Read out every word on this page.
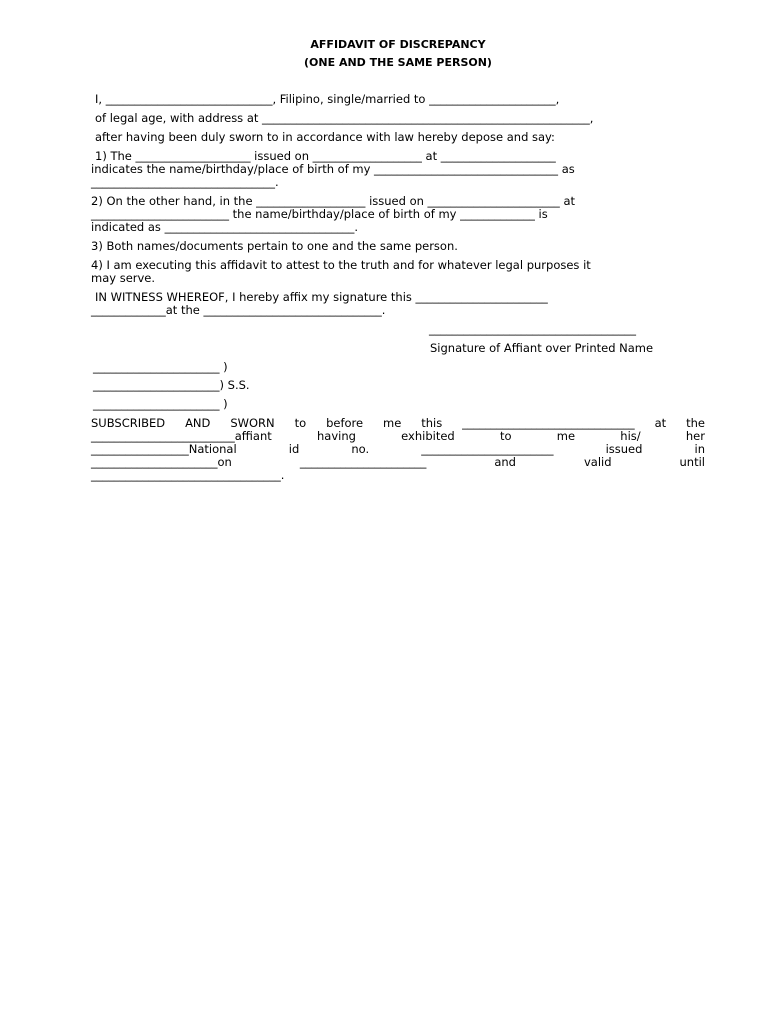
AFFIDAVIT OF DISCREPANCY
(ONE AND THE SAME PERSON)
I, _____________________________, Filipino, single/married to ______________________,
of legal age, with address at _________________________________________________________,
after having been duly sworn to in accordance with law hereby depose and say:
1) The ____________________ issued on ___________________ at ____________________
indicates the name/birthday/place of birth of my ________________________________ as
________________________________.
2) On the other hand, in the ___________________ issued on _______________________ at
________________________ the name/birthday/place of birth of my _____________ is
indicated as _________________________________.
3) Both names/documents pertain to one and the same person.
4) I am executing this affidavit to attest to the truth and for whatever legal purposes it
may serve.
IN WITNESS WHEREOF, I hereby affix my signature this _______________________
_____________at the _______________________________.
____________________________________
Signature of Affiant over Printed Name
______________________ )
______________________) S.S.
______________________ )
SUBSCRIBED AND SWORN to before me this ______________________________ at the
_________________________affiant having exhibited to me his/ her
_________________National id no. _______________________ issued in
______________________on ______________________ and valid until
_________________________________.
